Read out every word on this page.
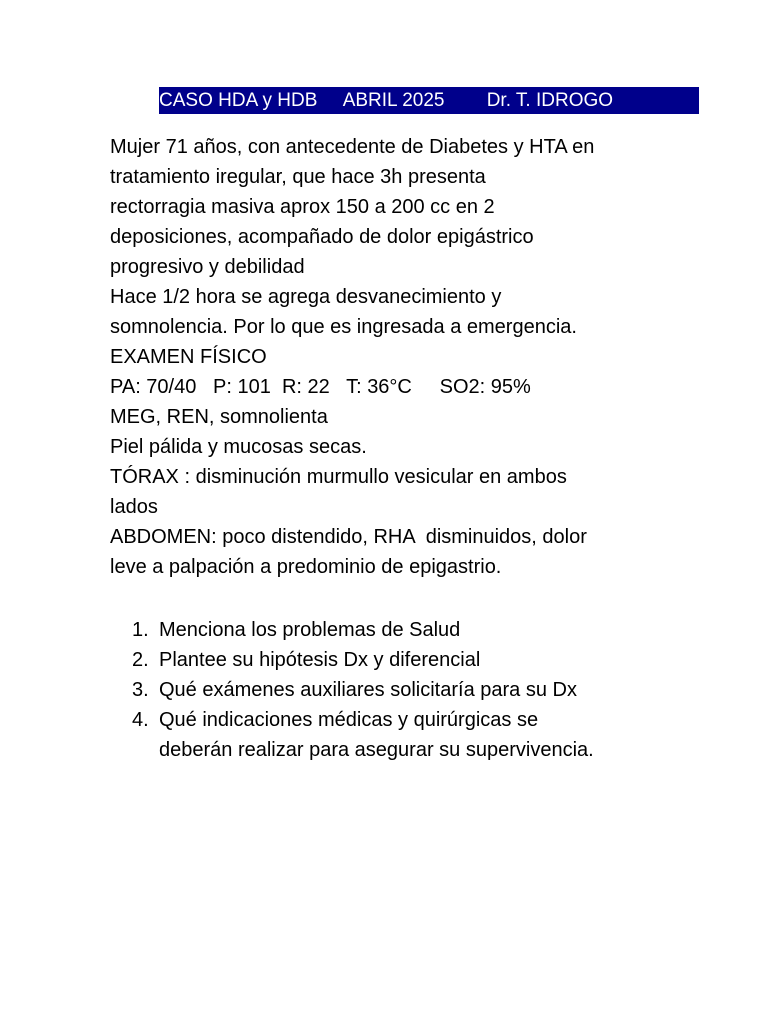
CASO HDA y HDB     ABRIL 2025        Dr. T. IDROGO

Mujer 71 años, con antecedente de Diabetes y HTA en

tratamiento iregular, que hace 3h presenta

rectorragia masiva aprox 150 a 200 cc en 2

deposiciones, acompañado de dolor epigástrico

progresivo y debilidad

Hace 1/2 hora se agrega desvanecimiento y

somnolencia. Por lo que es ingresada a emergencia.

EXAMEN FÍSICO

PA: 70/40   P: 101  R: 22   T: 36°C     SO2: 95%

MEG, REN, somnolienta

Piel pálida y mucosas secas.

TÓRAX : disminución murmullo vesicular en ambos

lados

ABDOMEN: poco distendido, RHA  disminuidos, dolor

leve a palpación a predominio de epigastrio.

1. Menciona los problemas de Salud
2. Plantee su hipótesis Dx y diferencial
3. Qué exámenes auxiliares solicitaría para su Dx
4. Qué indicaciones médicas y quirúrgicas se
deberán realizar para asegurar su supervivencia.
